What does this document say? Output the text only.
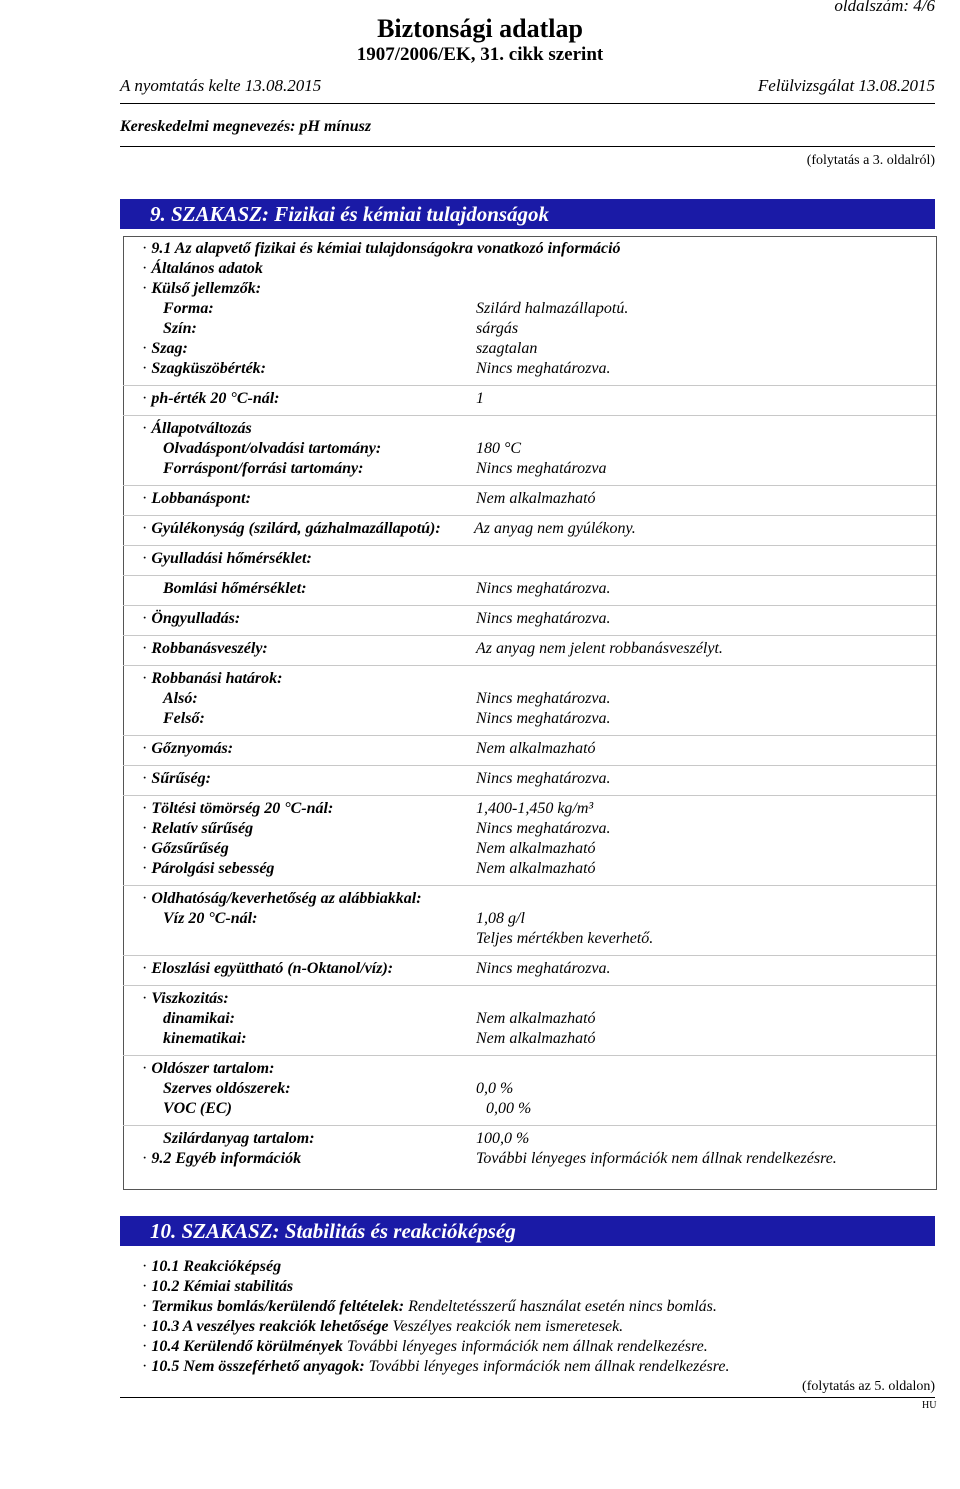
oldalszám: 4/6
Biztonsági adatlap
1907/2006/EK, 31. cikk szerint
A nyomtatás kelte 13.08.2015	Felülvizsgálat 13.08.2015
Kereskedelmi megnevezés: pH mínusz
(folytatás a 3. oldalról)
9. SZAKASZ: Fizikai és kémiai tulajdonságok
· 9.1 Az alapvető fizikai és kémiai tulajdonságokra vonatkozó információ
· Általános adatok
· Külső jellemzők:
Forma:	Szilárd halmazállapotú.
Szín:	sárgás
· Szag:	szagtalan
· Szagküszöbérték:	Nincs meghatározva.
· ph-érték 20 °C-nál:	1
· Állapotváltozás
Olvadáspont/olvadási tartomány:	180 °C
Forráspont/forrási tartomány:	Nincs meghatározva
· Lobbanáspont:	Nem alkalmazható
· Gyúlékonyság (szilárd, gázhalmazállapotú): Az anyag nem gyúlékony.
· Gyulladási hőmérséklet:
Bomlási hőmérséklet:	Nincs meghatározva.
· Öngyulladás:	Nincs meghatározva.
· Robbanásveszély:	Az anyag nem jelent robbanásveszélyt.
· Robbanási határok:
Alsó:	Nincs meghatározva.
Felső:	Nincs meghatározva.
· Gőznyomás:	Nem alkalmazható
· Sűrűség:	Nincs meghatározva.
· Töltési tömörség 20 °C-nál:	1,400-1,450 kg/m³
· Relatív sűrűség	Nincs meghatározva.
· Gőzsűrűség	Nem alkalmazható
· Párolgási sebesség	Nem alkalmazható
· Oldhatóság/keverhetőség az alábbiakkal:
Víz 20 °C-nál:	1,08 g/l
Teljes mértékben keverhető.
· Eloszlási együttható (n-Oktanol/víz):	Nincs meghatározva.
· Viszkozitás:
dinamikai:	Nem alkalmazható
kinematikai:	Nem alkalmazható
· Oldószer tartalom:
Szerves oldószerek:	0,0 %
VOC (EC)	0,00 %
Szilárdanyag tartalom:	100,0 %
· 9.2 Egyéb információk	További lényeges információk nem állnak rendelkezésre.
10. SZAKASZ: Stabilitás és reakcióképség
· 10.1 Reakcióképség
· 10.2 Kémiai stabilitás
· Termikus bomlás/kerülendő feltételek: Rendeltetésszerű használat esetén nincs bomlás.
· 10.3 A veszélyes reakciók lehetősége Veszélyes reakciók nem ismeretesek.
· 10.4 Kerülendő körülmények További lényeges információk nem állnak rendelkezésre.
· 10.5 Nem összeférhető anyagok: További lényeges információk nem állnak rendelkezésre.
(folytatás az 5. oldalon)
HU
